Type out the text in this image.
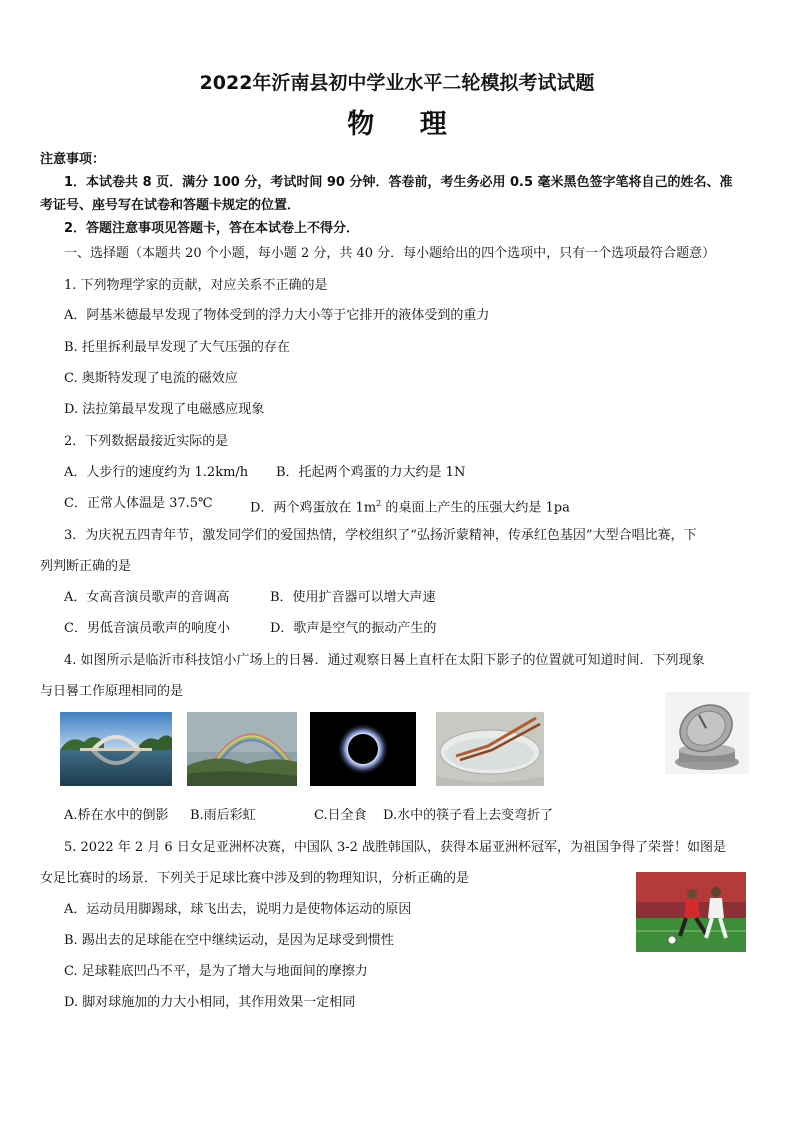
2022年沂南县初中学业水平二轮模拟考试试题
物 理
注意事项：
1．本试卷共 8 页．满分 100 分，考试时间 90 分钟．答卷前，考生务必用 0.5 毫米黑色签字笔将自己的姓名、准
考证号、座号写在试卷和答题卡规定的位置．
2．答题注意事项见答题卡，答在本试卷上不得分．
一、选择题（本题共 20 个小题，每小题 2 分，共 40 分．每小题给出的四个选项中，只有一个选项最符合题意）
1. 下列物理学家的贡献，对应关系不正确的是
A．阿基米德最早发现了物体受到的浮力大小等于它排开的液体受到的重力
B. 托里拆利最早发现了大气压强的存在
C. 奥斯特发现了电流的磁效应
D. 法拉第最早发现了电磁感应现象
2．下列数据最接近实际的是
A．人步行的速度约为 1.2km/h B．托起两个鸡蛋的力大约是 1N
C．正常人体温是 37.5℃	D．两个鸡蛋放在 $1m^2$ 的桌面上产生的压强大约是 1pa
3．为庆祝五四青年节，激发同学们的爱国热情，学校组织了“弘扬沂蒙精神，传承红色基因”大型合唱比赛，下
列判断正确的是
A．女高音演员歌声的音调高	B．使用扩音器可以增大声速
C．男低音演员歌声的响度小	D．歌声是空气的振动产生的
4. 如图所示是临沂市科技馆小广场上的日晷．通过观察日晷上直杆在太阳下影子的位置就可知道时间．下列现象
与日晷工作原理相同的是
A.桥在水中的倒影 B.雨后彩虹	C.日全食 D.水中的筷子看上去变弯折了
5. 2022 年 2 月 6 日女足亚洲杯决赛，中国队 3-2 战胜韩国队，获得本届亚洲杯冠军，为祖国争得了荣誉！如图是
女足比赛时的场景．下列关于足球比赛中涉及到的物理知识，分析正确的是
A．运动员用脚踢球，球飞出去，说明力是使物体运动的原因
B. 踢出去的足球能在空中继续运动，是因为足球受到惯性
C. 足球鞋底凹凸不平，是为了增大与地面间的摩擦力
D. 脚对球施加的力大小相同，其作用效果一定相同
